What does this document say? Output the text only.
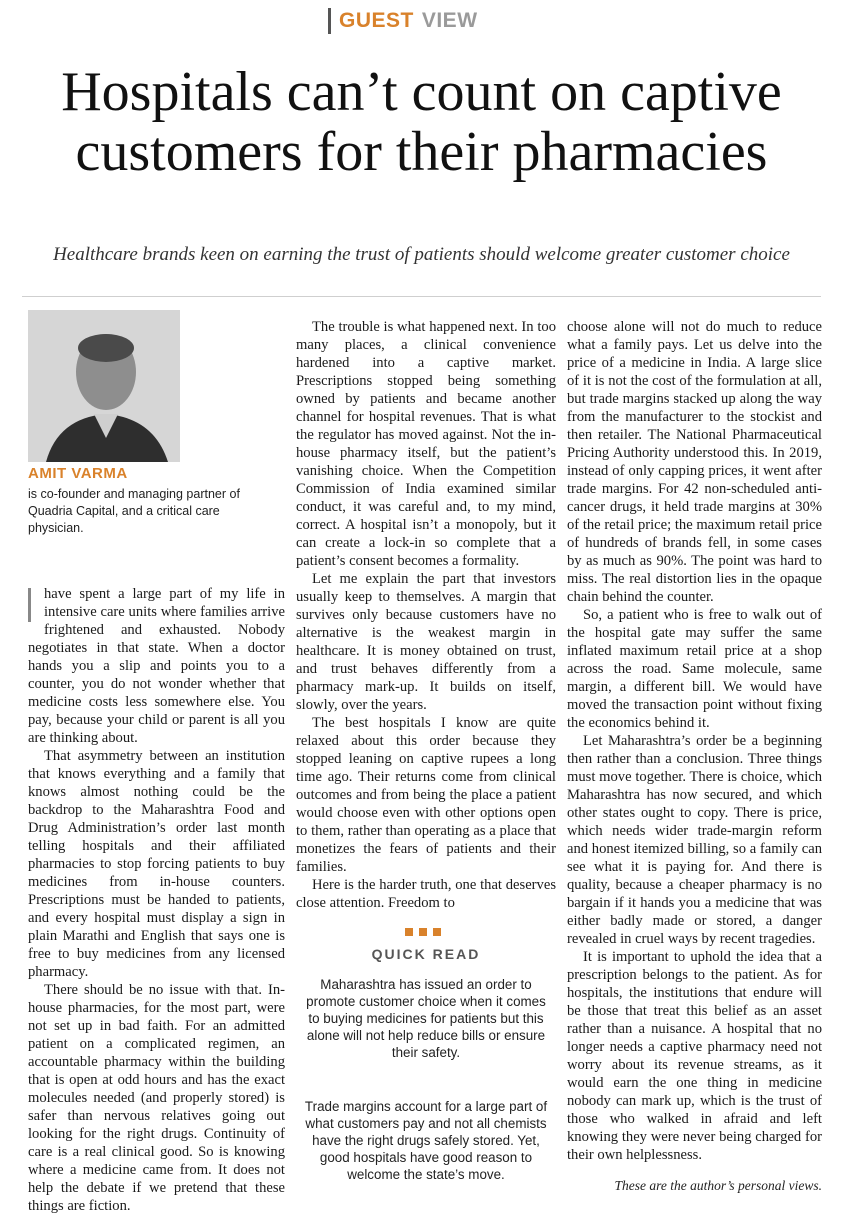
GUEST VIEW
Hospitals can’t count on captive customers for their pharmacies
Healthcare brands keen on earning the trust of patients should welcome greater customer choice
AMIT VARMA
is co-founder and managing partner of Quadria Capital, and a critical care physician.

have spent a large part of my life in intensive care units where families arrive frightened and exhausted. Nobody negotiates in that state. When a doctor hands you a slip and points you to a counter, you do not wonder whether that medicine costs less somewhere else. You pay, because your child or parent is all you are thinking about.

That asymmetry between an institution that knows everything and a family that knows almost nothing could be the backdrop to the Maharashtra Food and Drug Administration’s order last month telling hospitals and their affiliated pharmacies to stop forcing patients to buy medicines from in-house counters. Prescriptions must be handed to patients, and every hospital must display a sign in plain Marathi and English that says one is free to buy medicines from any licensed pharmacy.

There should be no issue with that. In-house pharmacies, for the most part, were not set up in bad faith. For an admitted patient on a complicated regimen, an accountable pharmacy within the building that is open at odd hours and has the exact molecules needed (and properly stored) is safer than nervous relatives going out looking for the right drugs. Continuity of care is a real clinical good. So is knowing where a medicine came from. It does not help the debate if we pretend that these things are fiction.

The trouble is what happened next. In too many places, a clinical convenience hardened into a captive market. Prescriptions stopped being something owned by patients and became another channel for hospital revenues. That is what the regulator has moved against. Not the in-house pharmacy itself, but the patient’s vanishing choice. When the Competition Commission of India examined similar conduct, it was careful and, to my mind, correct. A hospital isn’t a monopoly, but it can create a lock-in so complete that a patient’s consent becomes a formality.

Let me explain the part that investors usually keep to themselves. A margin that survives only because customers have no alternative is the weakest margin in healthcare. It is money obtained on trust, and trust behaves differently from a pharmacy mark-up. It builds on itself, slowly, over the years.

The best hospitals I know are quite relaxed about this order because they stopped leaning on captive rupees a long time ago. Their returns come from clinical outcomes and from being the place a patient would choose even with other options open to them, rather than operating as a place that monetizes the fears of patients and their families.

Here is the harder truth, one that deserves close attention. Freedom to

choose alone will not do much to reduce what a family pays. Let us delve into the price of a medicine in India. A large slice of it is not the cost of the formulation at all, but trade margins stacked up along the way from the manufacturer to the stockist and then retailer. The National Pharmaceutical Pricing Authority understood this. In 2019, instead of only capping prices, it went after trade margins. For 42 non-scheduled anti-cancer drugs, it held trade margins at 30% of the retail price; the maximum retail price of hundreds of brands fell, in some cases by as much as 90%. The point was hard to miss. The real distortion lies in the opaque chain behind the counter.

So, a patient who is free to walk out of the hospital gate may suffer the same inflated maximum retail price at a shop across the road. Same molecule, same margin, a different bill. We would have moved the transaction point without fixing the economics behind it.

Let Maharashtra’s order be a beginning then rather than a conclusion. Three things must move together. There is choice, which Maharashtra has now secured, and which other states ought to copy. There is price, which needs wider trade-margin reform and honest itemized billing, so a family can see what it is paying for. And there is quality, because a cheaper pharmacy is no bargain if it hands you a medicine that was either badly made or stored, a danger revealed in cruel ways by recent tragedies.

It is important to uphold the idea that a prescription belongs to the patient. As for hospitals, the institutions that endure will be those that treat this belief as an asset rather than a nuisance. A hospital that no longer needs a captive pharmacy need not worry about its revenue streams, as it would earn the one thing in medicine nobody can mark up, which is the trust of those who walked in afraid and left knowing they were never being charged for their own helplessness.

QUICK READ
Maharashtra has issued an order to promote customer choice when it comes to buying medicines for patients but this alone will not help reduce bills or ensure their safety.
Trade margins account for a large part of what customers pay and not all chemists have the right drugs safely stored. Yet, good hospitals have good reason to welcome the state’s move.
These are the author’s personal views.
